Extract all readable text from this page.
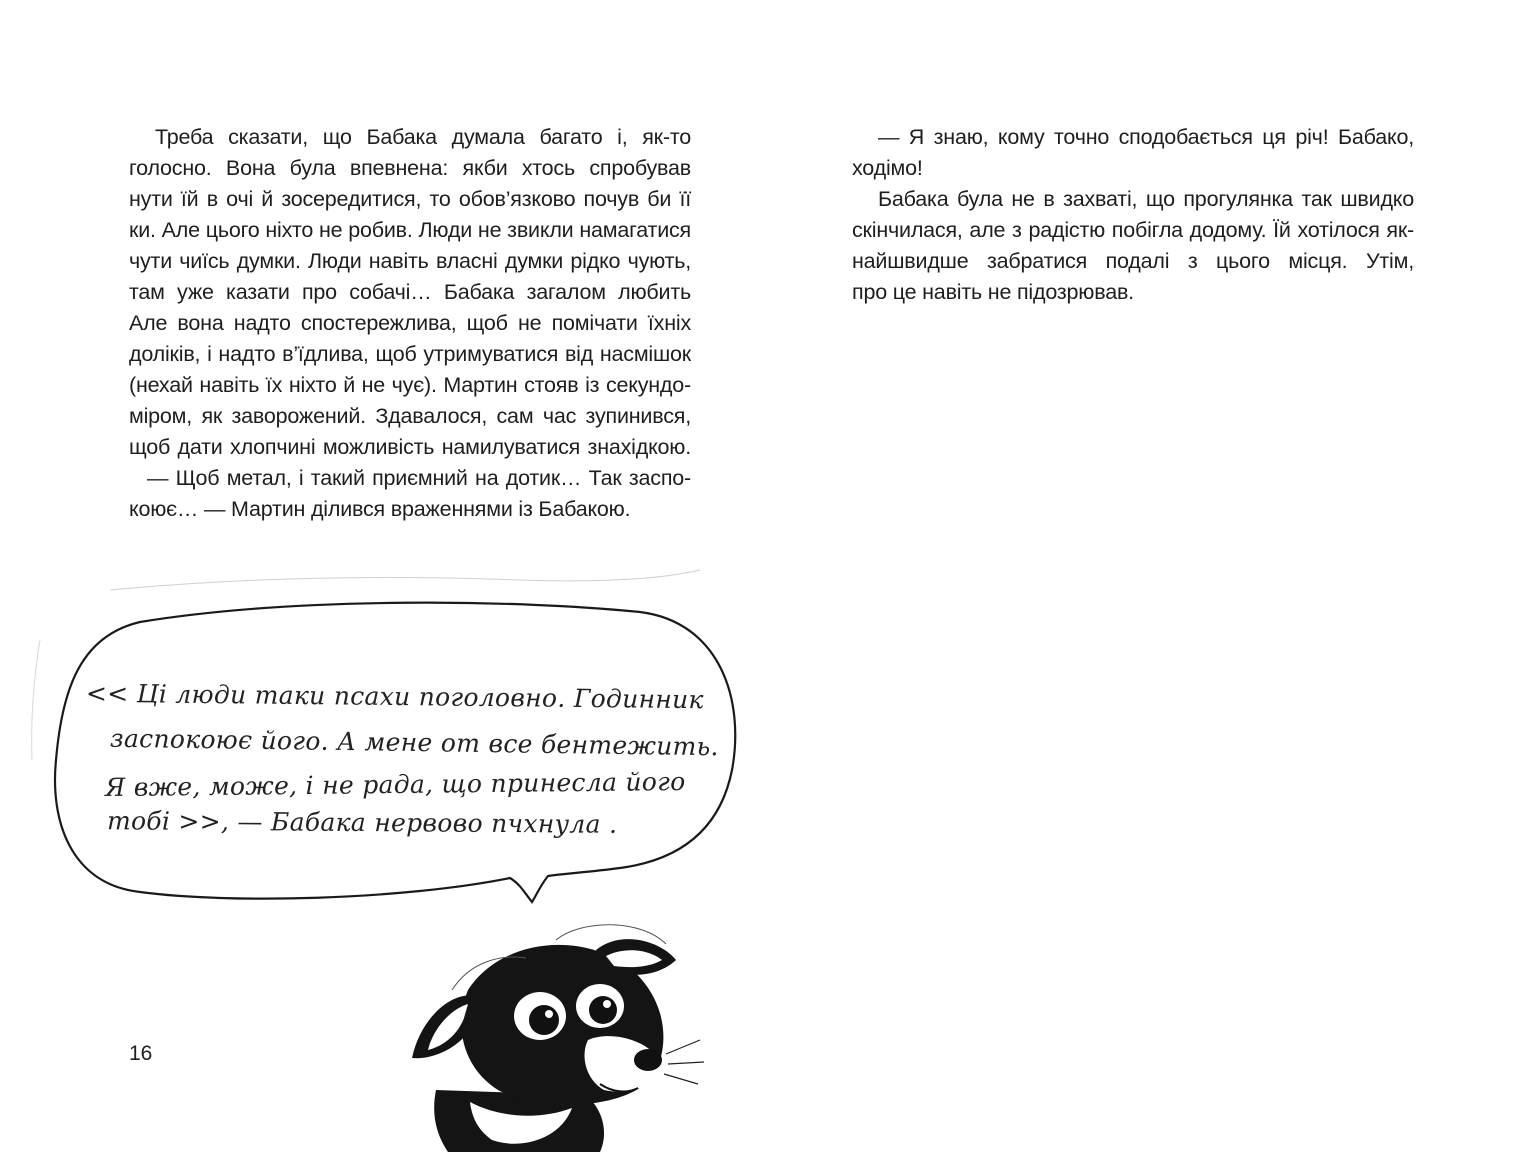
Треба сказати, що Бабака думала багато і, як-то
голосно. Вона була впевнена: якби хтось спробував
нути їй в очі й зосередитися, то обов’язково почув би її
ки. Але цього ніхто не робив. Люди не звикли намагатися
чути чиїсь думки. Люди навіть власні думки рідко чують,
там уже казати про собачі… Бабака загалом любить
Але вона надто спостережлива, щоб не помічати їхніх
доліків, і надто в’їдлива, щоб утримуватися від насмішок
(нехай навіть їх ніхто й не чує). Мартин стояв із секундо-
міром, як заворожений. Здавалося, сам час зупинився,
щоб дати хлопчині можливість намилуватися знахідкою.
— Щоб метал, і такий приємний на дотик… Так заспо-
коює… — Мартин ділився враженнями із Бабакою.
— Я знаю, кому точно сподобається ця річ! Бабако,
ходімо!
Бабака була не в захваті, що прогулянка так швидко
скінчилася, але з радістю побігла додому. Їй хотілося як-
найшвидше забратися подалі з цього місця. Утім,
про це навіть не підозрював.
<< Ці люди таки псахи поголовно. Годинник
заспокоює його. А мене от все бентежить.
Я вже, може, і не рада, що принесла його
тобі >>, — Бабака нервово пчхнула .
16
